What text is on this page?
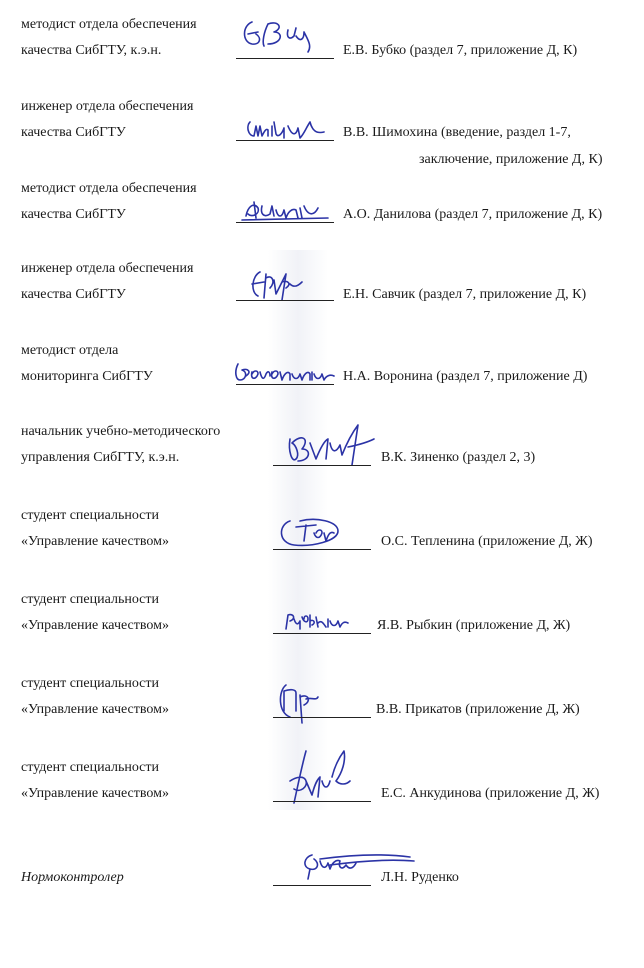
методист отдела обеспечения
качества СибГТУ, к.э.н.	Е.В. Бубко (раздел 7, приложение Д, К)
инженер отдела обеспечения
качества СибГТУ	В.В. Шимохина (введение, раздел 1-7,
заключение, приложение Д, К)
методист отдела обеспечения
качества СибГТУ	А.О. Данилова (раздел 7, приложение Д, К)
инженер отдела обеспечения
качества СибГТУ	Е.Н. Савчик (раздел 7, приложение Д, К)
методист отдела
мониторинга СибГТУ	Н.А. Воронина (раздел 7, приложение Д)
начальник учебно-методического
управления СибГТУ, к.э.н.	В.К. Зиненко (раздел 2, 3)
студент специальности
«Управление качеством»	О.С. Тепленина (приложение Д, Ж)
студент специальности
«Управление качеством»	Я.В. Рыбкин (приложение Д, Ж)
студент специальности
«Управление качеством»	В.В. Прикатов (приложение Д, Ж)
студент специальности
«Управление качеством»	Е.С. Анкудинова (приложение Д, Ж)
Нормоконтролер	Л.Н. Руденко
